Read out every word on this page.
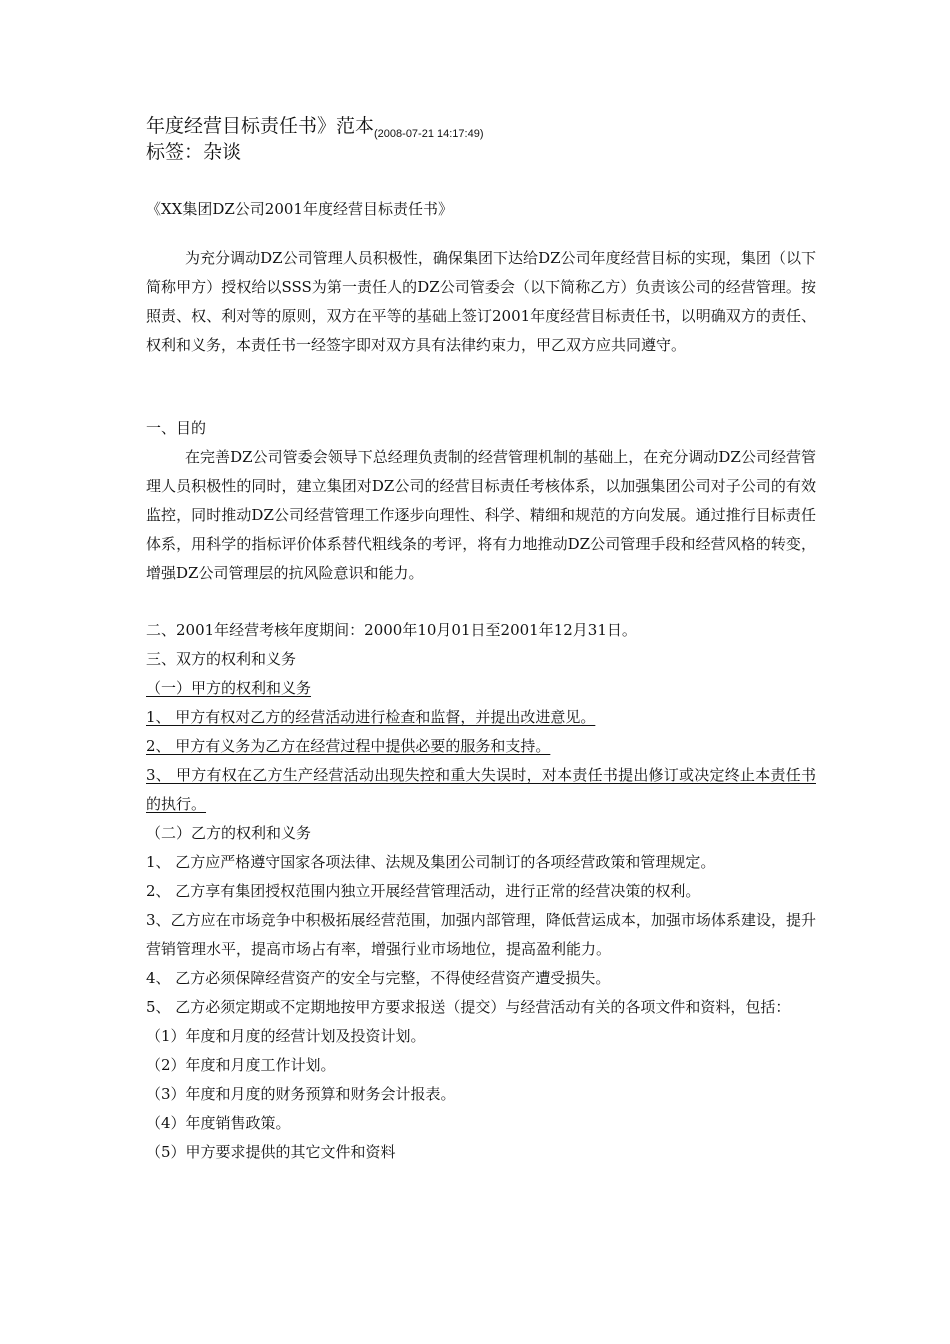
年度经营目标责任书》范本$_{(2008-07-21 14:17:49)}$
标签：杂谈
《XX集团DZ公司2001年度经营目标责任书》
为充分调动DZ公司管理人员积极性，确保集团下达给DZ公司年度经营目标的实现，集团（以下简称甲方）授权给以SSS为第一责任人的DZ公司管委会（以下简称乙方）负责该公司的经营管理。按照责、权、利对等的原则，双方在平等的基础上签订2001年度经营目标责任书，以明确双方的责任、权利和义务，本责任书一经签字即对双方具有法律约束力，甲乙双方应共同遵守。
一、目的
在完善DZ公司管委会领导下总经理负责制的经营管理机制的基础上，在充分调动DZ公司经营管理人员积极性的同时，建立集团对DZ公司的经营目标责任考核体系，以加强集团公司对子公司的有效监控，同时推动DZ公司经营管理工作逐步向理性、科学、精细和规范的方向发展。通过推行目标责任体系，用科学的指标评价体系替代粗线条的考评，将有力地推动DZ公司管理手段和经营风格的转变，增强DZ公司管理层的抗风险意识和能力。

二、2001年经营考核年度期间：2000年10月01日至2001年12月31日。

三、双方的权利和义务

（一）甲方的权利和义务

1、 甲方有权对乙方的经营活动进行检查和监督，并提出改进意见。

2、 甲方有义务为乙方在经营过程中提供必要的服务和支持。

3、 甲方有权在乙方生产经营活动出现失控和重大失误时，对本责任书提出修订或决定终止本责任书的执行。

（二）乙方的权利和义务

1、 乙方应严格遵守国家各项法律、法规及集团公司制订的各项经营政策和管理规定。

2、 乙方享有集团授权范围内独立开展经营管理活动，进行正常的经营决策的权利。

3、乙方应在市场竞争中积极拓展经营范围，加强内部管理，降低营运成本，加强市场体系建设，提升营销管理水平，提高市场占有率，增强行业市场地位，提高盈利能力。

4、 乙方必须保障经营资产的安全与完整，不得使经营资产遭受损失。

5、 乙方必须定期或不定期地按甲方要求报送（提交）与经营活动有关的各项文件和资料，包括：

（1）年度和月度的经营计划及投资计划。

（2）年度和月度工作计划。

（3）年度和月度的财务预算和财务会计报表。

（4）年度销售政策。

（5）甲方要求提供的其它文件和资料
